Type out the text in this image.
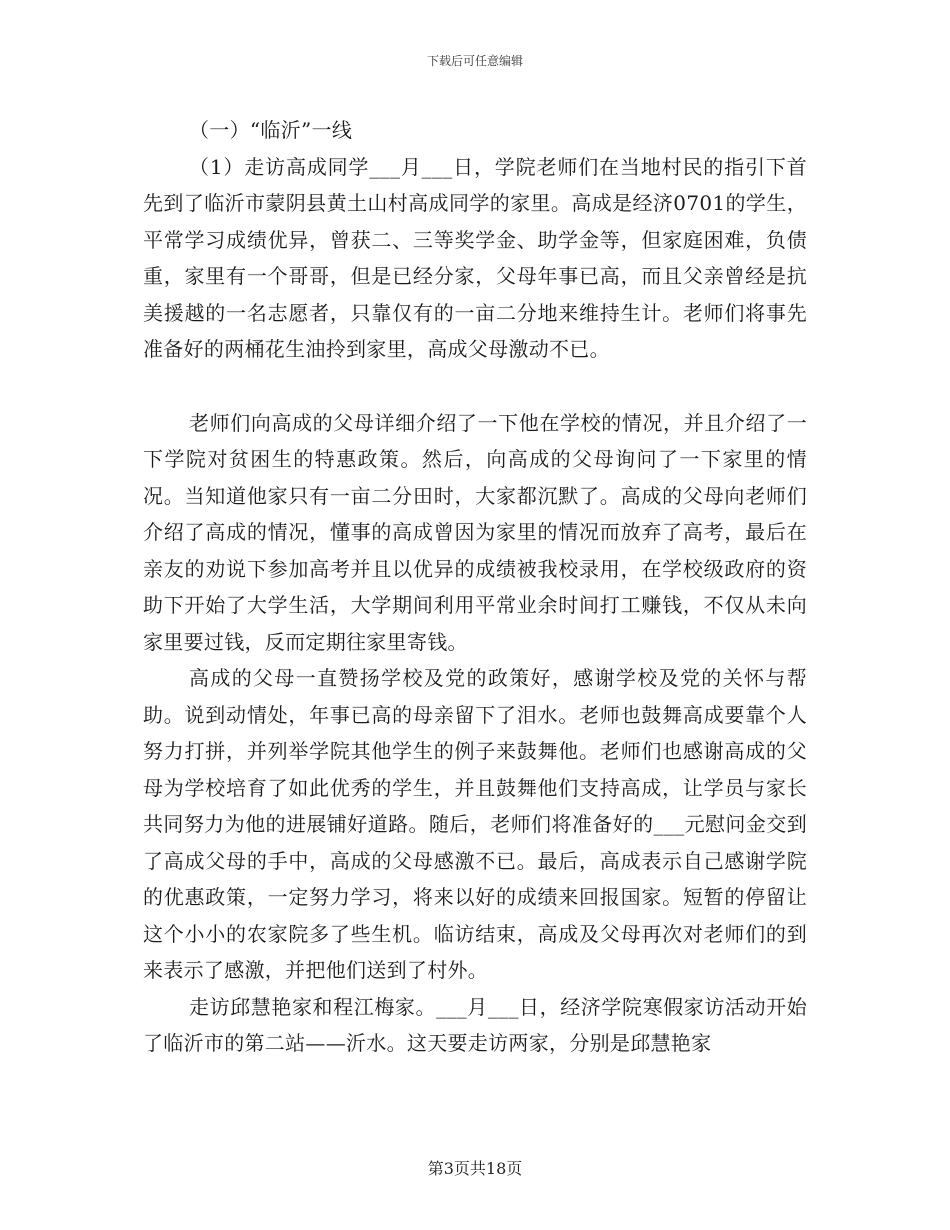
下载后可任意编辑

（一）“临沂”一线

（1）走访高成同学___月___日，学院老师们在当地村民的指引下首先到了临沂市蒙阴县黄土山村高成同学的家里。高成是经济0701的学生，平常学习成绩优异，曾获二、三等奖学金、助学金等，但家庭困难，负债重，家里有一个哥哥，但是已经分家，父母年事已高，而且父亲曾经是抗美援越的一名志愿者，只靠仅有的一亩二分地来维持生计。老师们将事先准备好的两桶花生油拎到家里，高成父母激动不已。

老师们向高成的父母详细介绍了一下他在学校的情况，并且介绍了一下学院对贫困生的特惠政策。然后，向高成的父母询问了一下家里的情况。当知道他家只有一亩二分田时，大家都沉默了。高成的父母向老师们介绍了高成的情况，懂事的高成曾因为家里的情况而放弃了高考，最后在亲友的劝说下参加高考并且以优异的成绩被我校录用，在学校级政府的资助下开始了大学生活，大学期间利用平常业余时间打工赚钱，不仅从未向家里要过钱，反而定期往家里寄钱。

高成的父母一直赞扬学校及党的政策好，感谢学校及党的关怀与帮助。说到动情处，年事已高的母亲留下了泪水。老师也鼓舞高成要靠个人努力打拼，并列举学院其他学生的例子来鼓舞他。老师们也感谢高成的父母为学校培育了如此优秀的学生，并且鼓舞他们支持高成，让学员与家长共同努力为他的进展铺好道路。随后，老师们将准备好的___元慰问金交到了高成父母的手中，高成的父母感激不已。最后，高成表示自己感谢学院的优惠政策，一定努力学习，将来以好的成绩来回报国家。短暂的停留让这个小小的农家院多了些生机。临访结束，高成及父母再次对老师们的到来表示了感激，并把他们送到了村外。

走访邱慧艳家和程江梅家。___月___日，经济学院寒假家访活动开始了临沂市的第二站——沂水。这天要走访两家，分别是邱慧艳家

第3页共18页
